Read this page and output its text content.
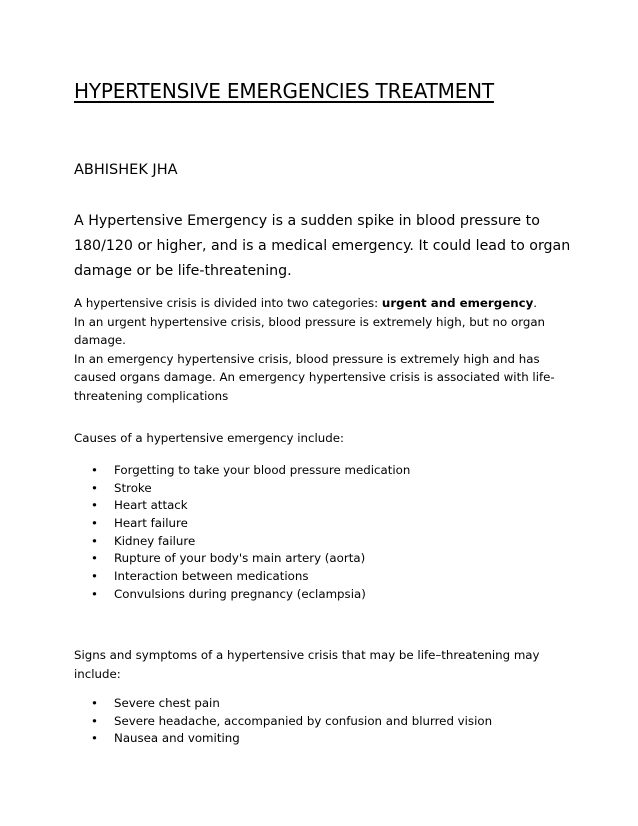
HYPERTENSIVE EMERGENCIES TREATMENT
ABHISHEK JHA
A Hypertensive Emergency is a sudden spike in blood pressure to 180/120 or higher, and is a medical emergency. It could lead to organ damage or be life-threatening.
A hypertensive crisis is divided into two categories: urgent and emergency.
In an urgent hypertensive crisis, blood pressure is extremely high, but no organ damage.
In an emergency hypertensive crisis, blood pressure is extremely high and has caused organs damage. An emergency hypertensive crisis is associated with life-threatening complications
Causes of a hypertensive emergency include:
• Forgetting to take your blood pressure medication
• Stroke
• Heart attack
• Heart failure
• Kidney failure
• Rupture of your body's main artery (aorta)
• Interaction between medications
• Convulsions during pregnancy (eclampsia)
Signs and symptoms of a hypertensive crisis that may be life–threatening may include:
• Severe chest pain
• Severe headache, accompanied by confusion and blurred vision
• Nausea and vomiting
